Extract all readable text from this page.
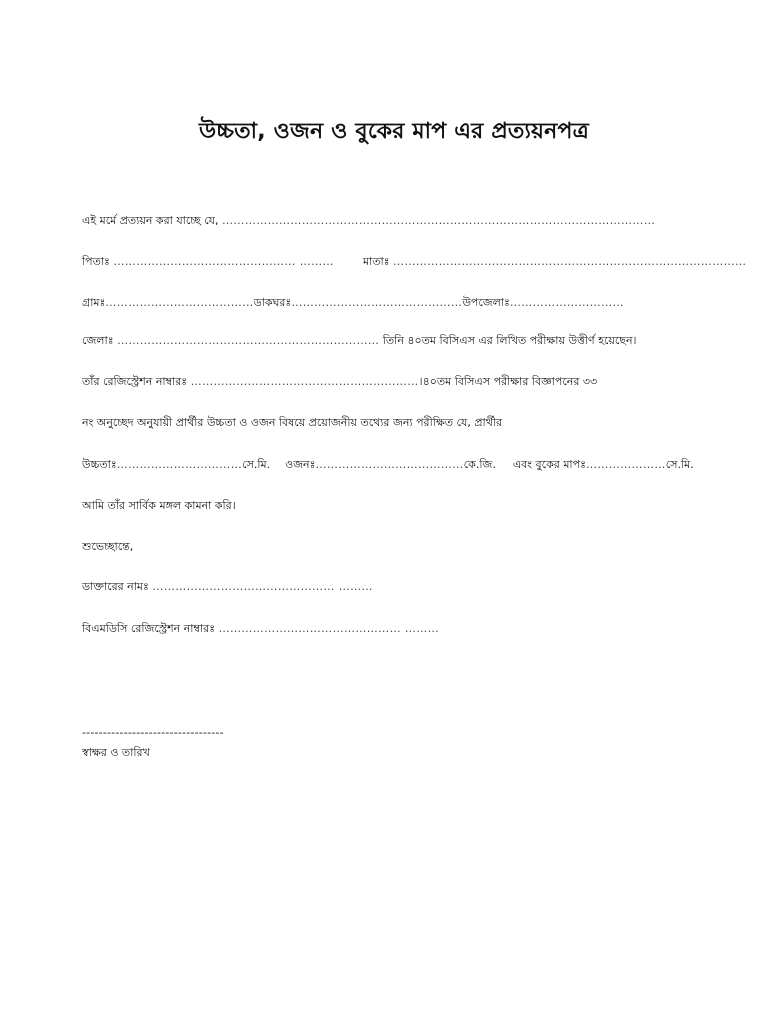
উচ্চতা, ওজন ও বুকের মাপ এর প্রত্যয়নপত্র
এই মর্মে প্রত্যয়ন করা যাচ্ছে যে, ……………………………………………………………………………………………………
পিতাঃ ………………………………………… ………	মাতাঃ …………………………………………………………………………………
গ্রামঃ…………………………………ডাকঘরঃ………………………………………উপজেলাঃ…………………………
জেলাঃ …………………………………………………………… তিনি ৪০তম বিসিএস এর লিখিত পরীক্ষায় উত্তীর্ণ হয়েছেন।
তাঁর রেজিস্ট্রেশন নাম্বারঃ ……………………………………………………।৪০তম বিসিএস পরীক্ষার বিজ্ঞাপনের ৩৩
নং অনুচ্ছেদ অনুযায়ী প্রার্থীর উচ্চতা ও ওজন বিষয়ে প্রয়োজনীয় তথ্যের জন্য পরীক্ষিত যে, প্রার্থীর
উচ্চতাঃ……………………………সে.মি. ওজনঃ…………………………………কে.জি. এবং বুকের মাপঃ…………………সে.মি.
আমি তাঁর সার্বিক মঙ্গল কামনা করি।
শুভেচ্ছান্তে,
ডাক্তারের নামঃ ………………………………………… ………
বিএমডিসি রেজিস্ট্রেশন নাম্বারঃ ………………………………………… ………
----------------------------------
স্বাক্ষর ও তারিখ
